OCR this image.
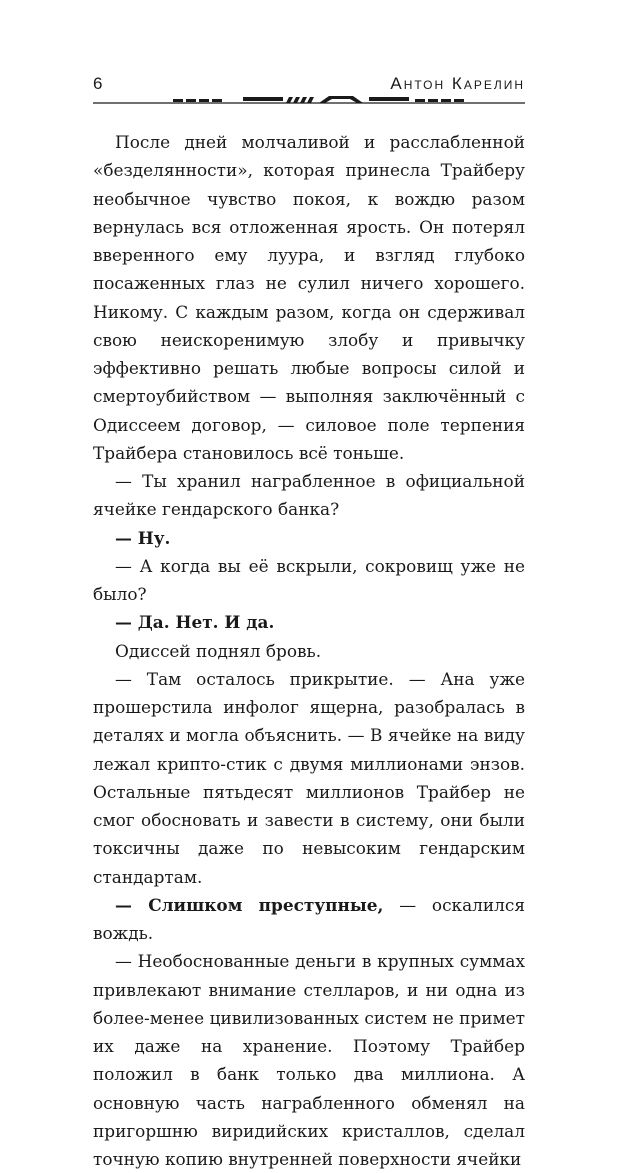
6	Антон Карелин

После дней молчаливой и расслабленной «безделянности», которая принесла Трайберу необычное чувство покоя, к вождю разом вернулась вся отложенная ярость. Он потерял вверенного ему луура, и взгляд глубоко посаженных глаз не сулил ничего хорошего. Никому. С каждым разом, когда он сдерживал свою неискоренимую злобу и привычку эффективно решать любые вопросы силой и смертоубийством — выполняя заключённый с Одиссеем договор, — силовое поле терпения Трайбера становилось всё тоньше.

— Ты хранил награбленное в официальной ячейке гендарского банка?

— Ну.

— А когда вы её вскрыли, сокровищ уже не было?

— Да. Нет. И да.

Одиссей поднял бровь.

— Там осталось прикрытие. — Ана уже прошерстила инфолог ящерна, разобралась в деталях и могла объяснить. — В ячейке на виду лежал крипто-стик с двумя миллионами энзов. Остальные пятьдесят миллионов Трайбер не смог обосновать и завести в систему, они были токсичны даже по невысоким гендарским стандартам.

— Слишком преступные, — оскалился вождь.

— Необоснованные деньги в крупных суммах привлекают внимание стелларов, и ни одна из более-менее цивилизованных систем не примет их даже на хранение. Поэтому Трайбер положил в банк только два миллиона. А основную часть награбленного обменял на пригоршню виридийских кристаллов, сделал точную копию внутренней поверхности ячейки
